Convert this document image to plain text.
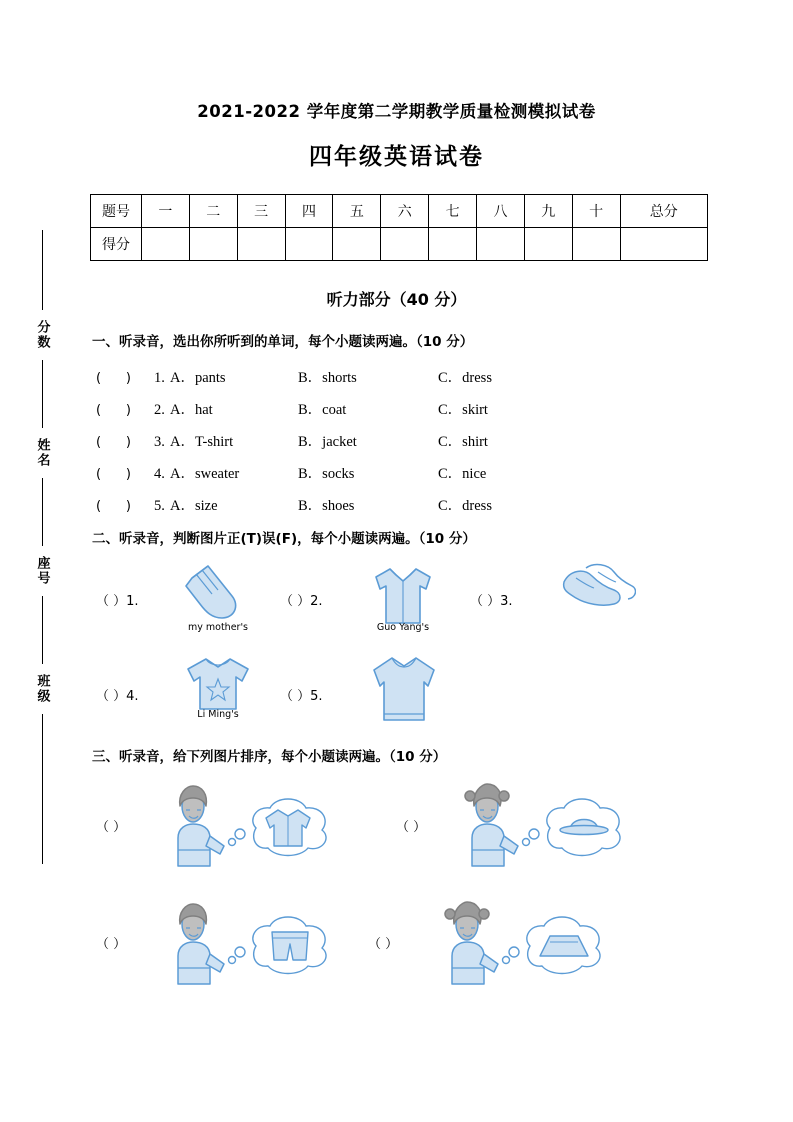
分数
姓名
座号
班级
2021-2022 学年度第二学期教学质量检测模拟试卷
四年级英语试卷
题号	一	二	三	四	五	六	七	八	九	十	总分
得分											
听力部分（40 分）
一、听录音，选出你所听到的单词，每个小题读两遍。（10 分）
(      ) 1. A．pants	B．shorts	C．dress
(      ) 2. A．hat	B．coat	C．skirt
(      ) 3. A．T-shirt	B．jacket	C．shirt
(      ) 4. A．sweater	B．socks	C．nice
(      ) 5. A．size	B．shoes	C．dress
二、听录音，判断图片正(T)误(F)，每个小题读两遍。（10 分）
（ ）1.
my mother's
（ ）2.
Guo Yang's
（ ）3.
（ ）4.
Li Ming's
（ ）5.
三、听录音，给下列图片排序，每个小题读两遍。（10 分）
（ ）	（ ）
（ ）	（ ）
